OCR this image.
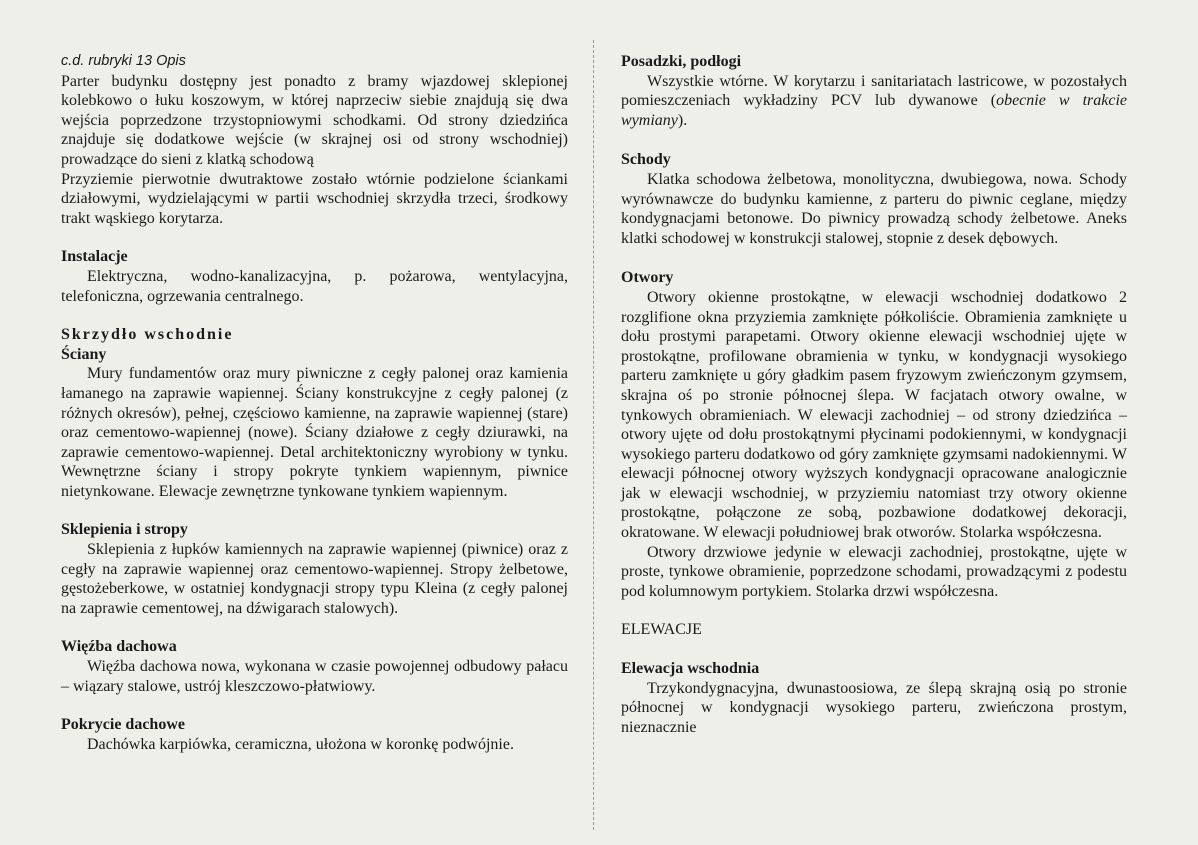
c.d. rubryki 13 Opis

Parter budynku dostępny jest ponadto z bramy wjazdowej sklepionej kolebkowo o łuku koszowym, w której naprzeciw siebie znajdują się dwa wejścia poprzedzone trzystopniowymi schodkami. Od strony dziedzińca znajduje się dodatkowe wejście (w skrajnej osi od strony wschodniej) prowadzące do sieni z klatką schodową

Przyziemie pierwotnie dwutraktowe zostało wtórnie podzielone ściankami działowymi, wydzielającymi w partii wschodniej skrzydła trzeci, środkowy trakt wąskiego korytarza.

Instalacje

Elektryczna, wodno-kanalizacyjna, p. pożarowa, wentylacyjna, telefoniczna, ogrzewania centralnego.

Skrzydło wschodnie

Ściany

Mury fundamentów oraz mury piwniczne z cegły palonej oraz kamienia łamanego na zaprawie wapiennej. Ściany konstrukcyjne z cegły palonej (z różnych okresów), pełnej, częściowo kamienne, na zaprawie wapiennej (stare) oraz cementowo-wapiennej (nowe). Ściany działowe z cegły dziurawki, na zaprawie cementowo-wapiennej. Detal architektoniczny wyrobiony w tynku. Wewnętrzne ściany i stropy pokryte tynkiem wapiennym, piwnice nietynkowane. Elewacje zewnętrzne tynkowane tynkiem wapiennym.

Sklepienia i stropy

Sklepienia z łupków kamiennych na zaprawie wapiennej (piwnice) oraz z cegły na zaprawie wapiennej oraz cementowo-wapiennej. Stropy żelbetowe, gęstożeberkowe, w ostatniej kondygnacji stropy typu Kleina (z cegły palonej na zaprawie cementowej, na dźwigarach stalowych).

Więźba dachowa

Więźba dachowa nowa, wykonana w czasie powojennej odbudowy pałacu – wiązary stalowe, ustrój kleszczowo-płatwiowy.

Pokrycie dachowe

Dachówka karpiówka, ceramiczna, ułożona w koronkę podwójnie.

Posadzki, podłogi

Wszystkie wtórne. W korytarzu i sanitariatach lastricowe, w pozostałych pomieszczeniach wykładziny PCV lub dywanowe (obecnie w trakcie wymiany).

Schody

Klatka schodowa żelbetowa, monolityczna, dwubiegowa, nowa. Schody wyrównawcze do budynku kamienne, z parteru do piwnic ceglane, między kondygnacjami betonowe. Do piwnicy prowadzą schody żelbetowe. Aneks klatki schodowej w konstrukcji stalowej, stopnie z desek dębowych.

Otwory

Otwory okienne prostokątne, w elewacji wschodniej dodatkowo 2 rozglifione okna przyziemia zamknięte półkoliście. Obramienia zamknięte u dołu prostymi parapetami. Otwory okienne elewacji wschodniej ujęte w prostokątne, profilowane obramienia w tynku, w kondygnacji wysokiego parteru zamknięte u góry gładkim pasem fryzowym zwieńczonym gzymsem, skrajna oś po stronie północnej ślepa. W facjatach otwory owalne, w tynkowych obramieniach. W elewacji zachodniej – od strony dziedzińca – otwory ujęte od dołu prostokątnymi płycinami podokiennymi, w kondygnacji wysokiego parteru dodatkowo od góry zamknięte gzymsami nadokiennymi. W elewacji północnej otwory wyższych kondygnacji opracowane analogicznie jak w elewacji wschodniej, w przyziemiu natomiast trzy otwory okienne prostokątne, połączone ze sobą, pozbawione dodatkowej dekoracji, okratowane. W elewacji południowej brak otworów. Stolarka współczesna.

Otwory drzwiowe jedynie w elewacji zachodniej, prostokątne, ujęte w proste, tynkowe obramienie, poprzedzone schodami, prowadzącymi z podestu pod kolumnowym portykiem. Stolarka drzwi współczesna.

ELEWACJE

Elewacja wschodnia

Trzykondygnacyjna, dwunastoosiowa, ze ślepą skrajną osią po stronie północnej w kondygnacji wysokiego parteru, zwieńczona prostym, nieznacznie
